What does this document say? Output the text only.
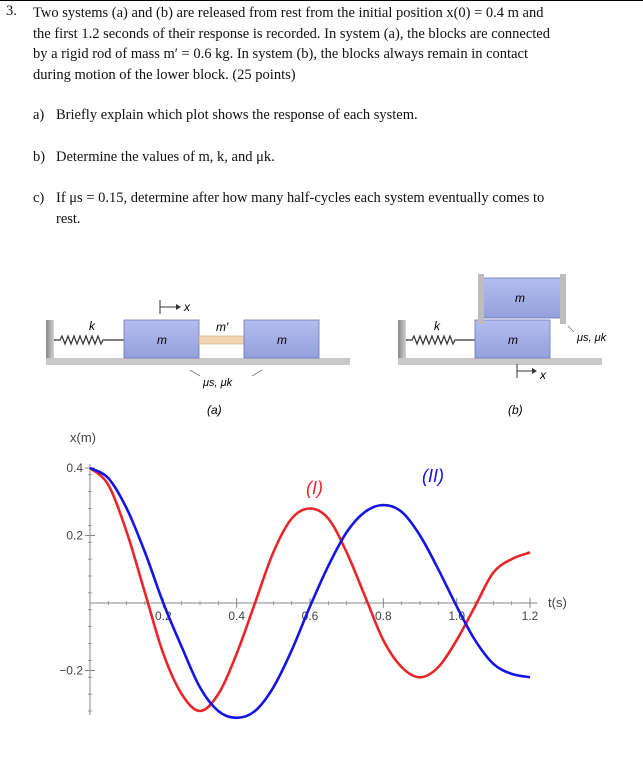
3. Two systems (a) and (b) are released from rest from the initial position x(0) = 0.4 m and
the first 1.2 seconds of their response is recorded. In system (a), the blocks are connected
by a rigid rod of mass m′ = 0.6 kg. In system (b), the blocks always remain in contact
during motion of the lower block. (25 points)
a) Briefly explain which plot shows the response of each system.
b) Determine the values of m, k, and μk.
c) If μs = 0.15, determine after how many half-cycles each system eventually comes to
rest.
k
m
m′
m
x
μs, μk
(a)
k
m
m
μs, μk
x
(b)
x(m)
t(s)
0.2	0.4	0.6	0.8	1.0	1.2
0.4
0.2
−0.2
(I)
(II)
